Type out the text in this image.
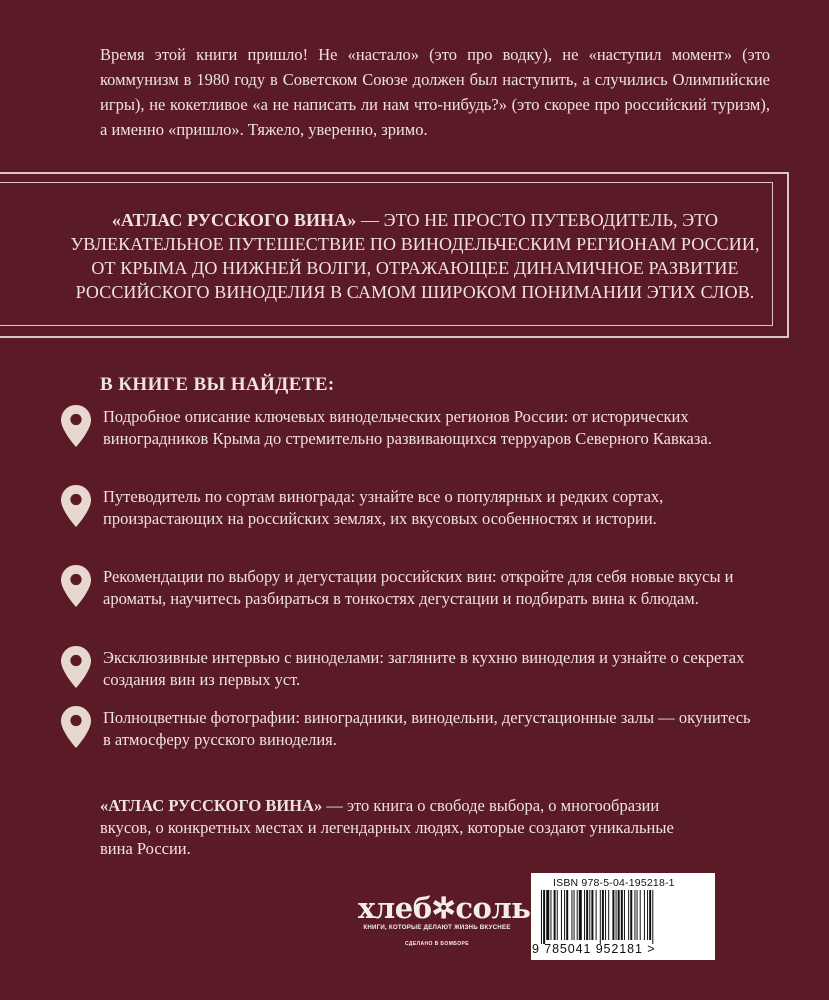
Время этой книги пришло! Не «настало» (это про водку), не «наступил момент» (это коммунизм в 1980 году в Советском Союзе должен был наступить, а случились Олимпийские игры), не кокетливое «а не написать ли нам что-нибудь?» (это скорее про российский туризм), а именно «пришло». Тяжело, уверенно, зримо.
«АТЛАС РУССКОГО ВИНА» — ЭТО НЕ ПРОСТО ПУТЕВОДИТЕЛЬ, ЭТО УВЛЕКАТЕЛЬНОЕ ПУТЕШЕСТВИЕ ПО ВИНОДЕЛЬЧЕСКИМ РЕГИОНАМ РОССИИ, ОТ КРЫМА ДО НИЖНЕЙ ВОЛГИ, ОТРАЖАЮЩЕЕ ДИНАМИЧНОЕ РАЗВИТИЕ РОССИЙСКОГО ВИНОДЕЛИЯ В САМОМ ШИРОКОМ ПОНИМАНИИ ЭТИХ СЛОВ.
В КНИГЕ ВЫ НАЙДЕТЕ:
Подробное описание ключевых винодельческих регионов России: от исторических виноградников Крыма до стремительно развивающихся терруаров Северного Кавказа.
Путеводитель по сортам винограда: узнайте все о популярных и редких сортах, произрастающих на российских землях, их вкусовых особенностях и истории.
Рекомендации по выбору и дегустации российских вин: откройте для себя новые вкусы и ароматы, научитесь разбираться в тонкостях дегустации и подбирать вина к блюдам.
Эксклюзивные интервью с виноделами: загляните в кухню виноделия и узнайте о секретах создания вин из первых уст.
Полноцветные фотографии: виноградники, винодельни, дегустационные залы — окунитесь в атмосферу русского виноделия.
«АТЛАС РУССКОГО ВИНА» — это книга о свободе выбора, о многообразии вкусов, о конкретных местах и легендарных людях, которые создают уникальные вина России.
хлеб✲соль
КНИГИ, КОТОРЫЕ ДЕЛАЮТ ЖИЗНЬ ВКУСНЕЕ
СДЕЛАНО В БОМБОРЕ
ISBN 978-5-04-195218-1
9 785041 952181 >
